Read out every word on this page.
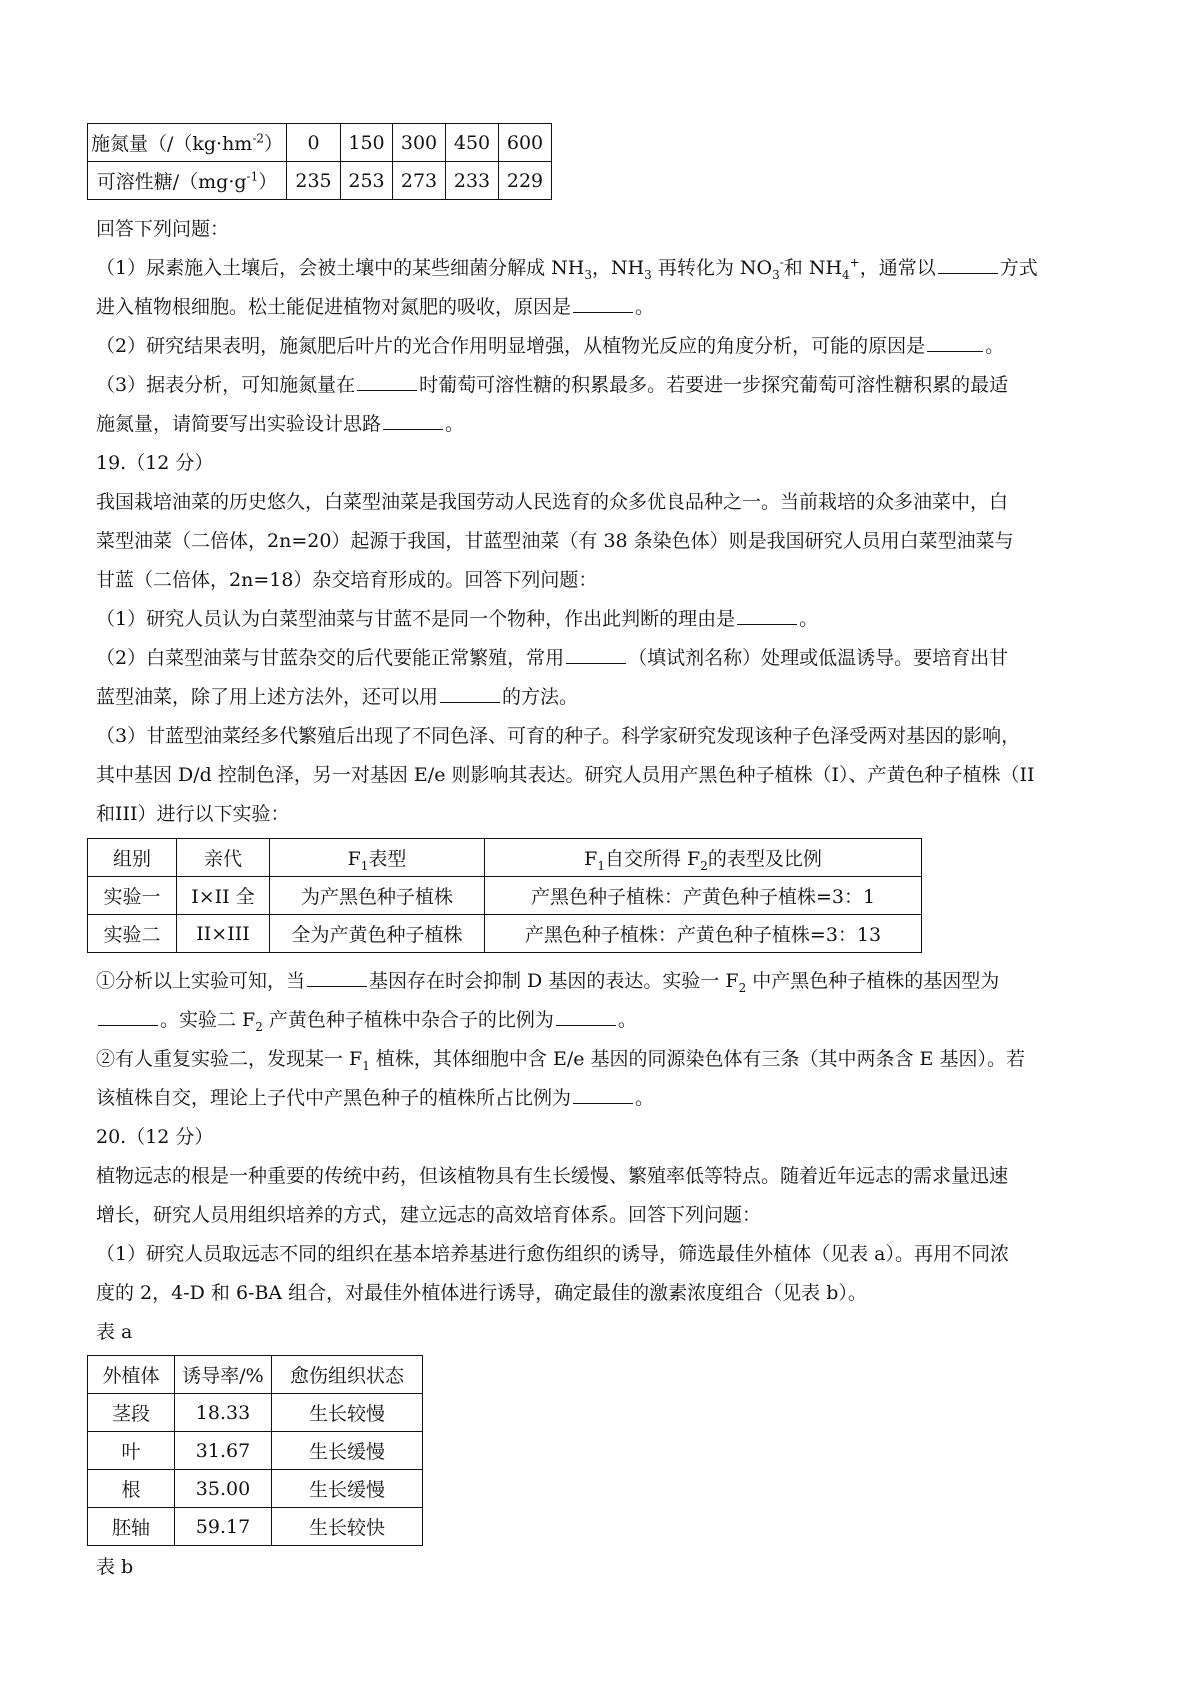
施氮量（$/(kg\cdot hm^{-2})$	0	150	300	450	600
可溶性糖$/(mg\cdot g^{-1})$	235	253	273	233	229

回答下列问题：

（1）尿素施入土壤后，会被土壤中的某些细菌分解成 $NH_3$，$NH_3$ 再转化为 $NO_3^-$和 $NH_4^+$，通常以	方式

进入植物根细胞。松土能促进植物对氮肥的吸收，原因是	。

（2）研究结果表明，施氮肥后叶片的光合作用明显增强，从植物光反应的角度分析，可能的原因是	。

（3）据表分析，可知施氮量在	时葡萄可溶性糖的积累最多。若要进一步探究葡萄可溶性糖积累的最适

施氮量，请简要写出实验设计思路	。

19.（12 分）

我国栽培油菜的历史悠久，白菜型油菜是我国劳动人民选育的众多优良品种之一。当前栽培的众多油菜中，白

菜型油菜（二倍体，2n=20）起源于我国，甘蓝型油菜（有 38 条染色体）则是我国研究人员用白菜型油菜与

甘蓝（二倍体，2n=18）杂交培育形成的。回答下列问题：

（1）研究人员认为白菜型油菜与甘蓝不是同一个物种，作出此判断的理由是	。

（2）白菜型油菜与甘蓝杂交的后代要能正常繁殖，常用	（填试剂名称）处理或低温诱导。要培育出甘

蓝型油菜，除了用上述方法外，还可以用	的方法。

（3）甘蓝型油菜经多代繁殖后出现了不同色泽、可育的种子。科学家研究发现该种子色泽受两对基因的影响，

其中基因 D/d 控制色泽，另一对基因 E/e 则影响其表达。研究人员用产黑色种子植株（I）、产黄色种子植株（II

和III）进行以下实验：

组别	亲代	$F_1$表型	$F_1$自交所得 $F_2$的表型及比例
实验一	I×II 全	为产黑色种子植株	产黑色种子植株：产黄色种子植株=3：1
实验二	II×III	全为产黄色种子植株	产黑色种子植株：产黄色种子植株=3：13

①分析以上实验可知，当	基因存在时会抑制 D 基因的表达。实验一 $F_2$ 中产黑色种子植株的基因型为

。实验二 $F_2$ 产黄色种子植株中杂合子的比例为	。

②有人重复实验二，发现某一 $F_1$ 植株，其体细胞中含 E/e 基因的同源染色体有三条（其中两条含 E 基因）。若

该植株自交，理论上子代中产黑色种子的植株所占比例为	。

20.（12 分）

植物远志的根是一种重要的传统中药，但该植物具有生长缓慢、繁殖率低等特点。随着近年远志的需求量迅速

增长，研究人员用组织培养的方式，建立远志的高效培育体系。回答下列问题：

（1）研究人员取远志不同的组织在基本培养基进行愈伤组织的诱导，筛选最佳外植体（见表 a）。再用不同浓

度的 2，4-D 和 6-BA 组合，对最佳外植体进行诱导，确定最佳的激素浓度组合（见表 b）。

表 a

外植体	诱导率/%	愈伤组织状态
茎段	18.33	生长较慢
叶	31.67	生长缓慢
根	35.00	生长缓慢
胚轴	59.17	生长较快

表 b
